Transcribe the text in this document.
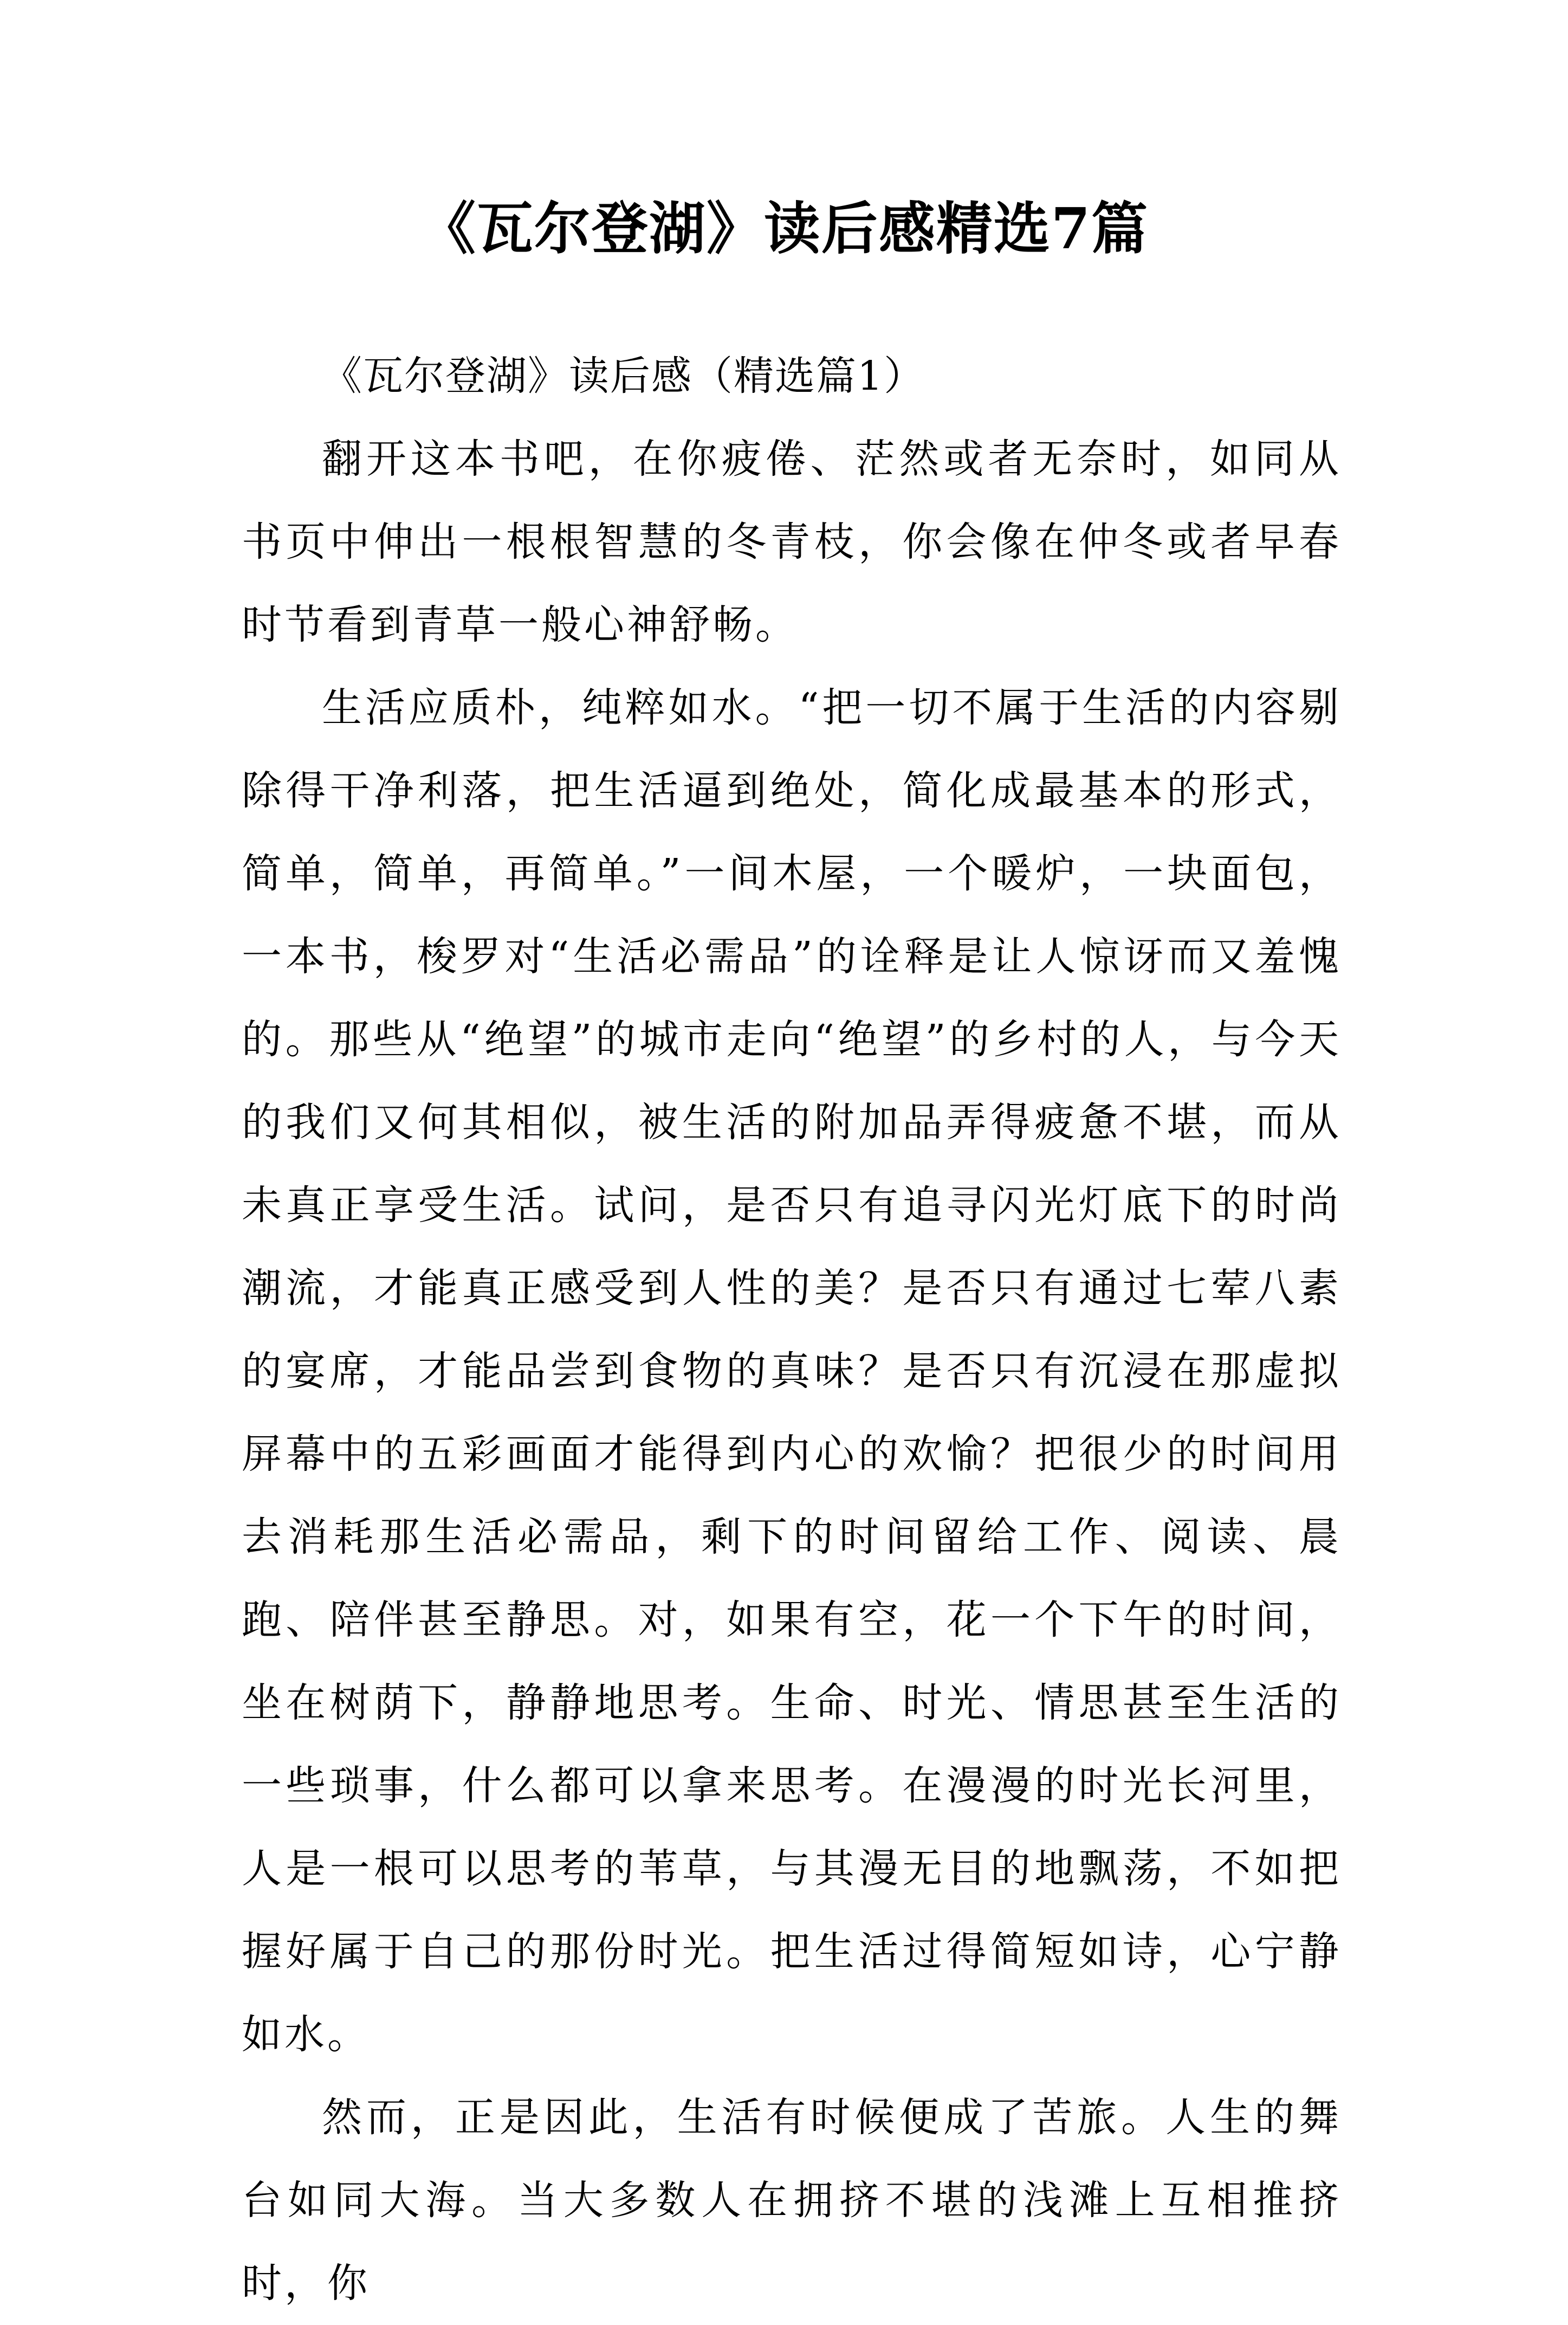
《瓦尔登湖》读后感精选7篇

《瓦尔登湖》读后感（精选篇1）

翻开这本书吧，在你疲倦、茫然或者无奈时，如同从书页中伸出一根根智慧的冬青枝，你会像在仲冬或者早春时节看到青草一般心神舒畅。

生活应质朴，纯粹如水。“把一切不属于生活的内容剔除得干净利落，把生活逼到绝处，简化成最基本的形式，简单，简单，再简单。”一间木屋，一个暖炉，一块面包，一本书，梭罗对“生活必需品”的诠释是让人惊讶而又羞愧的。那些从“绝望”的城市走向“绝望”的乡村的人，与今天的我们又何其相似，被生活的附加品弄得疲惫不堪，而从未真正享受生活。试问，是否只有追寻闪光灯底下的时尚潮流，才能真正感受到人性的美？是否只有通过七荤八素的宴席，才能品尝到食物的真味？是否只有沉浸在那虚拟屏幕中的五彩画面才能得到内心的欢愉？把很少的时间用去消耗那生活必需品，剩下的时间留给工作、阅读、晨跑、陪伴甚至静思。对，如果有空，花一个下午的时间，坐在树荫下，静静地思考。生命、时光、情思甚至生活的一些琐事，什么都可以拿来思考。在漫漫的时光长河里，人是一根可以思考的苇草，与其漫无目的地飘荡，不如把握好属于自己的那份时光。把生活过得简短如诗，心宁静如水。

然而，正是因此，生活有时候便成了苦旅。人生的舞台如同大海。当大多数人在拥挤不堪的浅滩上互相推挤时，你
